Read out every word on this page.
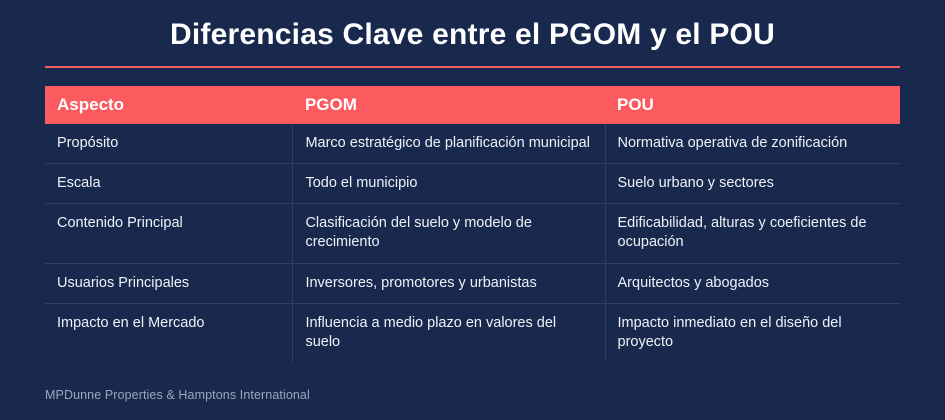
Diferencias Clave entre el PGOM y el POU
Aspecto	PGOM	POU
Propósito	Marco estratégico de planificación municipal	Normativa operativa de zonificación
Escala	Todo el municipio	Suelo urbano y sectores
Contenido Principal	Clasificación del suelo y modelo de crecimiento	Edificabilidad, alturas y coeficientes de ocupación
Usuarios Principales	Inversores, promotores y urbanistas	Arquitectos y abogados
Impacto en el Mercado	Influencia a medio plazo en valores del suelo	Impacto inmediato en el diseño del proyecto
MPDunne Properties & Hamptons International
